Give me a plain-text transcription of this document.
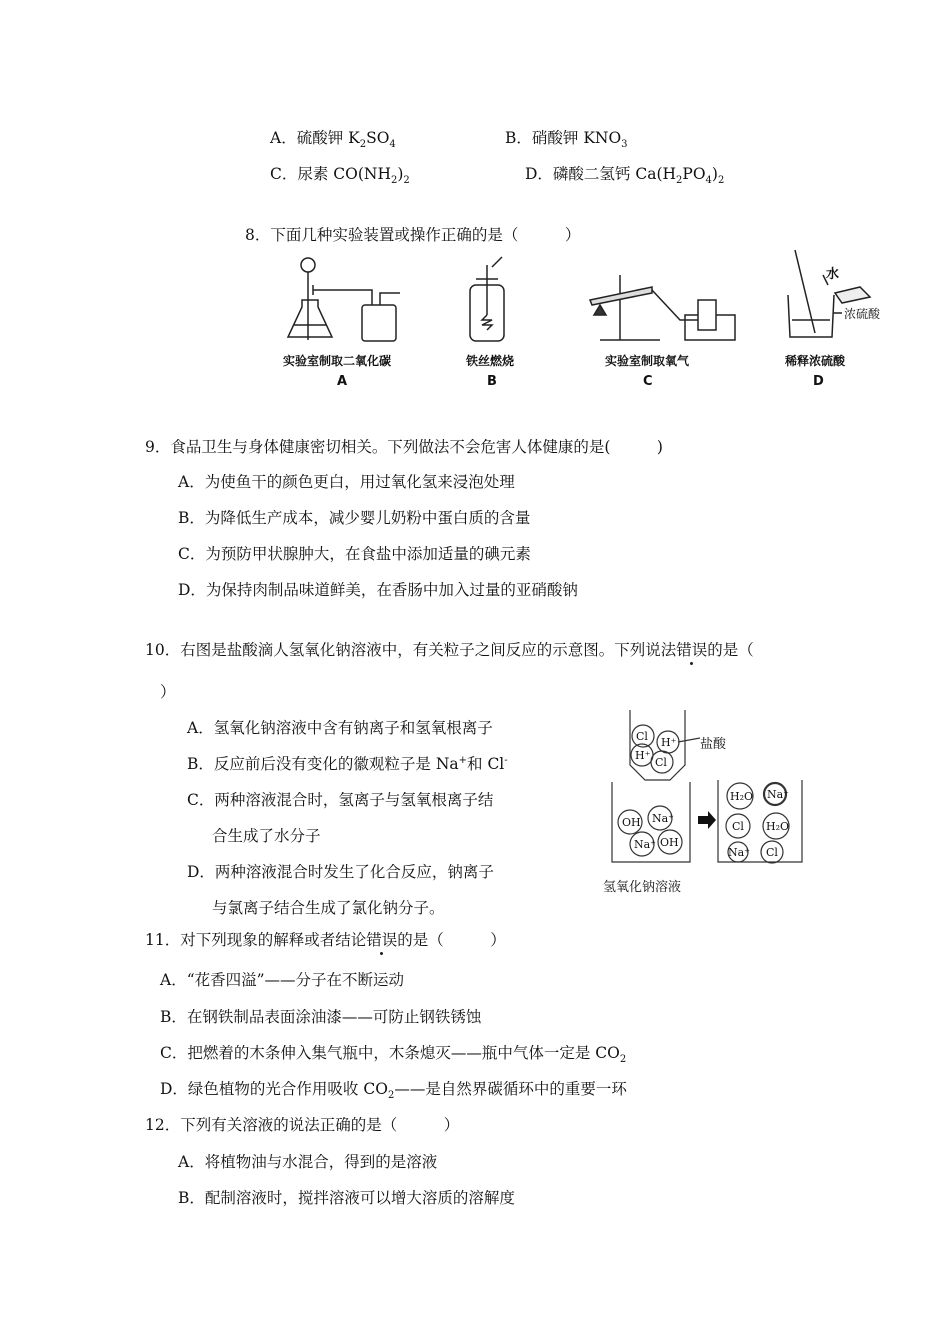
A．硫酸钾 $K_2SO_4$	B．硝酸钾 $KNO_3$
C．尿素 $CO(NH_2)_2$	D．磷酸二氢钙 $Ca(H_2PO_4)_2$
8．下面几种实验装置或操作正确的是（　　　）
水
浓硫酸
实验室制取二氧化碳	铁丝燃烧	实验室制取氧气	稀释浓硫酸
A	B	C	D
9．食品卫生与身体健康密切相关。下列做法不会危害人体健康的是(　　　)
A．为使鱼干的颜色更白，用过氧化氢来浸泡处理
B．为降低生产成本，减少婴儿奶粉中蛋白质的含量
C．为预防甲状腺肿大，在食盐中添加适量的碘元素
D．为保持肉制品味道鲜美，在香肠中加入过量的亚硝酸钠
10．右图是盐酸滴人氢氧化钠溶液中，有关粒子之间反应的示意图。下列说法错误的是（
）
A．氢氧化钠溶液中含有钠离子和氢氧根离子
B．反应前后没有变化的徽观粒子是 Na+和 Cl-
C．两种溶液混合时，氢离子与氢氧根离子结
合生成了水分子
D．两种溶液混合时发生了化合反应，钠离子
与氯离子结合生成了氯化钠分子。
Cl H⁺
H⁺
Cl
OH Na⁺
Na⁺ OH
H₂O Na⁺
Cl H₂O
Na⁺ Cl
盐酸
氢氧化钠溶液
11．对下列现象的解释或者结论错误的是（　　　）
A．“花香四溢”——分子在不断运动
B．在钢铁制品表面涂油漆——可防止钢铁锈蚀
C．把燃着的木条伸入集气瓶中，木条熄灭——瓶中气体一定是 $CO_2$
D．绿色植物的光合作用吸收 $CO_2——$是自然界碳循环中的重要一环
12．下列有关溶液的说法正确的是（　　　）
A．将植物油与水混合，得到的是溶液
B．配制溶液时，搅拌溶液可以增大溶质的溶解度
